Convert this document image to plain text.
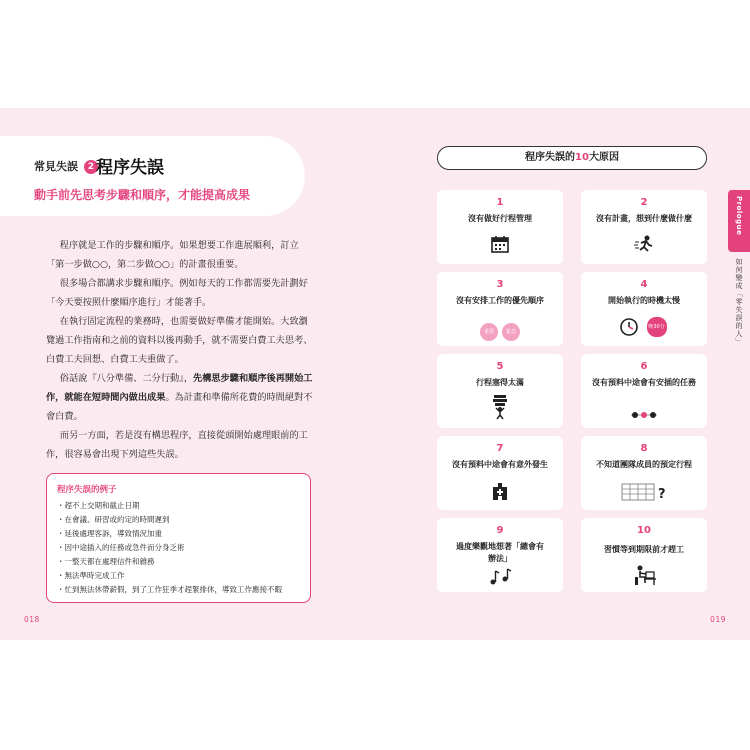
常見失誤 2 程序失誤
動手前先思考步驟和順序，才能提高成果

程序就是工作的步驟和順序。如果想要工作進展順利，訂立「第一步做○○，第二步做○○」的計畫很重要。

很多場合都講求步驟和順序。例如每天的工作都需要先計劃好「今天要按照什麼順序進行」才能著手。

在執行固定流程的業務時，也需要做好準備才能開始。大致瀏覽過工作指南和之前的資料以後再動手，就不需要白費工夫思考、白費工夫回想、白費工夫重做了。

俗話說『八分準備、二分行動』，先構思步驟和順序後再開始工作，就能在短時間內做出成果。為計畫和準備所花費的時間絕對不會白費。

而另一方面，若是沒有構思程序，直接從頭開始處理眼前的工作，很容易會出現下列這些失誤。

程序失誤的例子
・ 趕不上交期和截止日期
・ 在會議、研習或約定的時間遲到
・ 延後處理客訴，導致情況加重
・ 因中途插入的任務或急件而分身乏術
・ 一整天都在處理信件和雜務
・ 無法準時完成工作
・ 忙到無法休帶薪假，到了工作狂季才趕緊排休，導致工作應接不暇
018
程序失誤的10大原因
1
沒有做好行程管理
2
沒有計畫，想到什麼做什麼
3
沒有安排工作的優先順序
重要 緊急
4
開始執行的時機太慢
晚30分
5
行程塞得太滿
6
沒有預料中途會有安插的任務
7
沒有預料中途會有意外發生
8
不知道團隊成員的預定行程
?
9
過度樂觀地想著「總會有辦法」
10
習慣等到期限前才趕工
Prologue
如何變成「零失誤的人」
019
